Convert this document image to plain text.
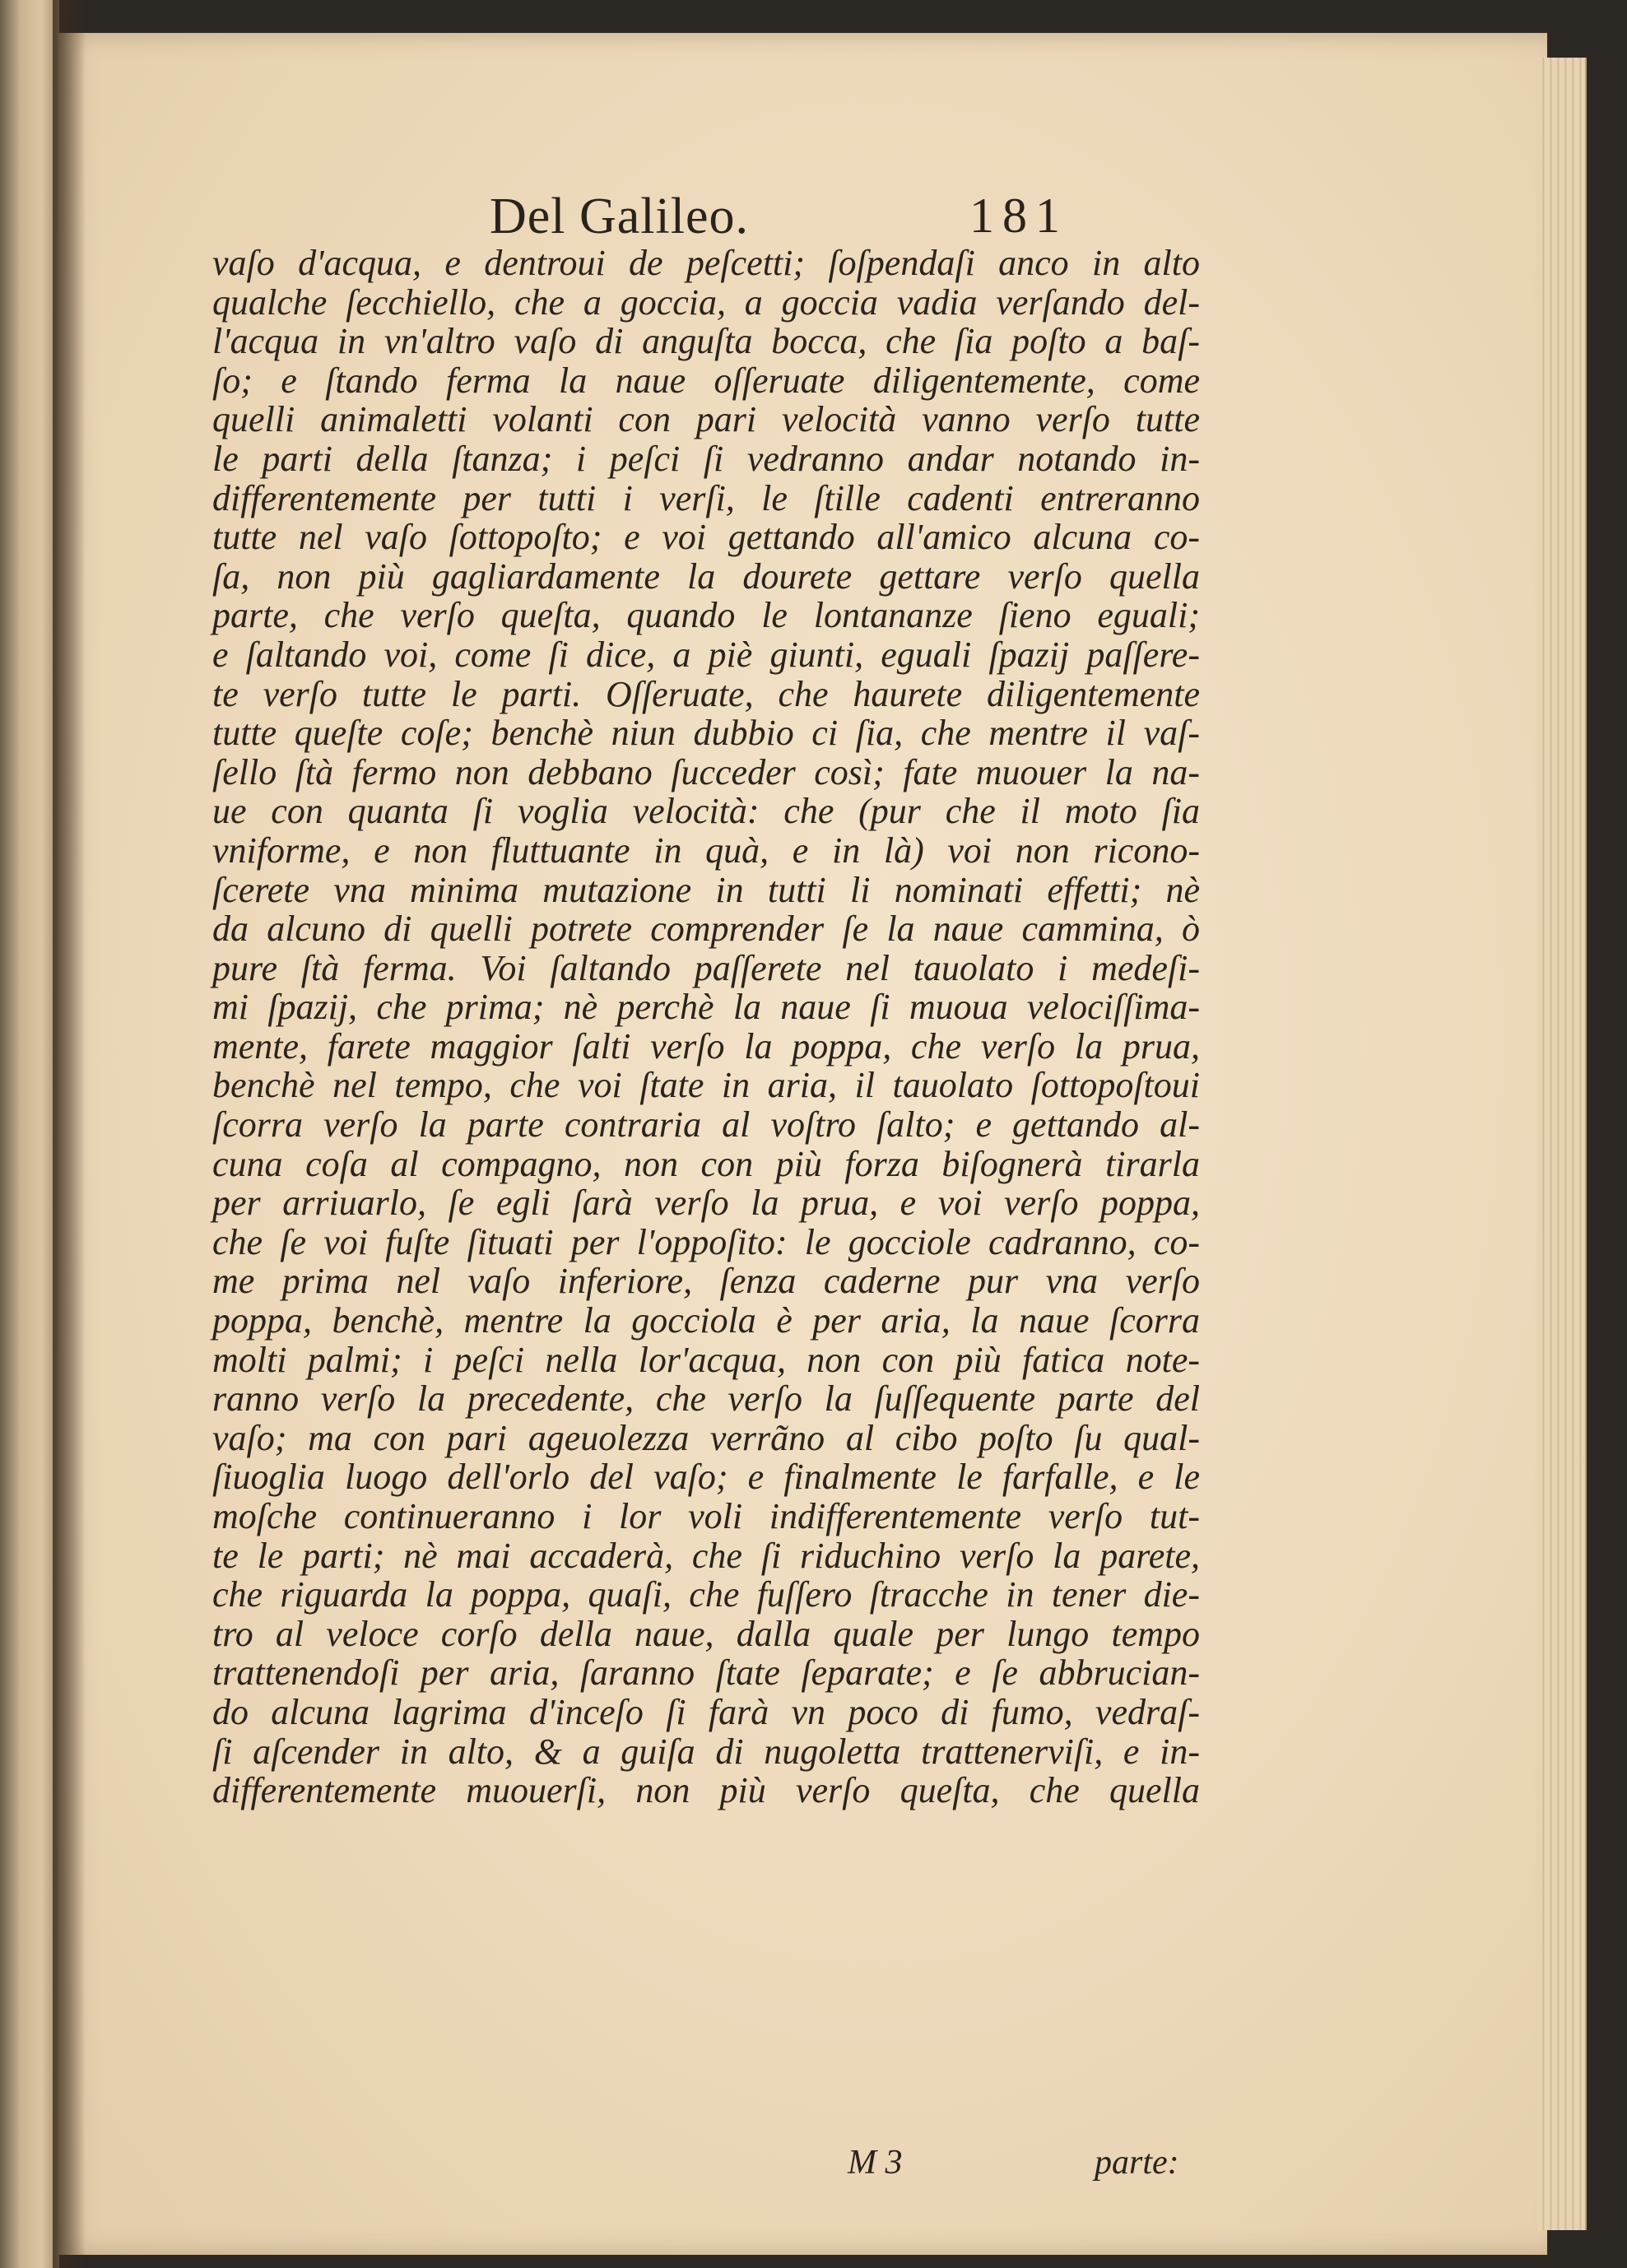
Del Galileo.	181
vaſo d'acqua, e dentroui de peſcetti; ſoſpendaſi anco in alto
qualche ſecchiello, che a goccia, a goccia vadia verſando del-
l'acqua in vn'altro vaſo di anguſta bocca, che ſia poſto a baſ-
ſo; e ſtando ferma la naue oſſeruate diligentemente, come
quelli animaletti volanti con pari velocità vanno verſo tutte
le parti della ſtanza; i peſci ſi vedranno andar notando in-
differentemente per tutti i verſi, le ſtille cadenti entreranno
tutte nel vaſo ſottopoſto; e voi gettando all'amico alcuna co-
ſa, non più gagliardamente la dourete gettare verſo quella
parte, che verſo queſta, quando le lontananze ſieno eguali;
e ſaltando voi, come ſi dice, a piè giunti, eguali ſpazij paſſere-
te verſo tutte le parti. Oſſeruate, che haurete diligentemente
tutte queſte coſe; benchè niun dubbio ci ſia, che mentre il vaſ-
ſello ſtà fermo non debbano ſucceder così; fate muouer la na-
ue con quanta ſi voglia velocità: che (pur che il moto ſia
vniforme, e non fluttuante in quà, e in là) voi non ricono-
ſcerete vna minima mutazione in tutti li nominati effetti; nè
da alcuno di quelli potrete comprender ſe la naue cammina, ò
pure ſtà ferma. Voi ſaltando paſſerete nel tauolato i medeſi-
mi ſpazij, che prima; nè perchè la naue ſi muoua velociſſima-
mente, farete maggior ſalti verſo la poppa, che verſo la prua,
benchè nel tempo, che voi ſtate in aria, il tauolato ſottopoſtoui
ſcorra verſo la parte contraria al voſtro ſalto; e gettando al-
cuna coſa al compagno, non con più forza biſognerà tirarla
per arriuarlo, ſe egli ſarà verſo la prua, e voi verſo poppa,
che ſe voi fuſte ſituati per l'oppoſito: le gocciole cadranno, co-
me prima nel vaſo inferiore, ſenza caderne pur vna verſo
poppa, benchè, mentre la gocciola è per aria, la naue ſcorra
molti palmi; i peſci nella lor'acqua, non con più fatica note-
ranno verſo la precedente, che verſo la ſuſſequente parte del
vaſo; ma con pari ageuolezza verrãno al cibo poſto ſu qual-
ſiuoglia luogo dell'orlo del vaſo; e finalmente le farfalle, e le
moſche continueranno i lor voli indifferentemente verſo tut-
te le parti; nè mai accaderà, che ſi riduchino verſo la parete,
che riguarda la poppa, quaſi, che fuſſero ſtracche in tener die-
tro al veloce corſo della naue, dalla quale per lungo tempo
trattenendoſi per aria, ſaranno ſtate ſeparate; e ſe abbrucian-
do alcuna lagrima d'inceſo ſi farà vn poco di fumo, vedraſ-
ſi aſcender in alto, & a guiſa di nugoletta trattenerviſi, e in-
differentemente muouerſi, non più verſo queſta, che quella
M 3	parte:
